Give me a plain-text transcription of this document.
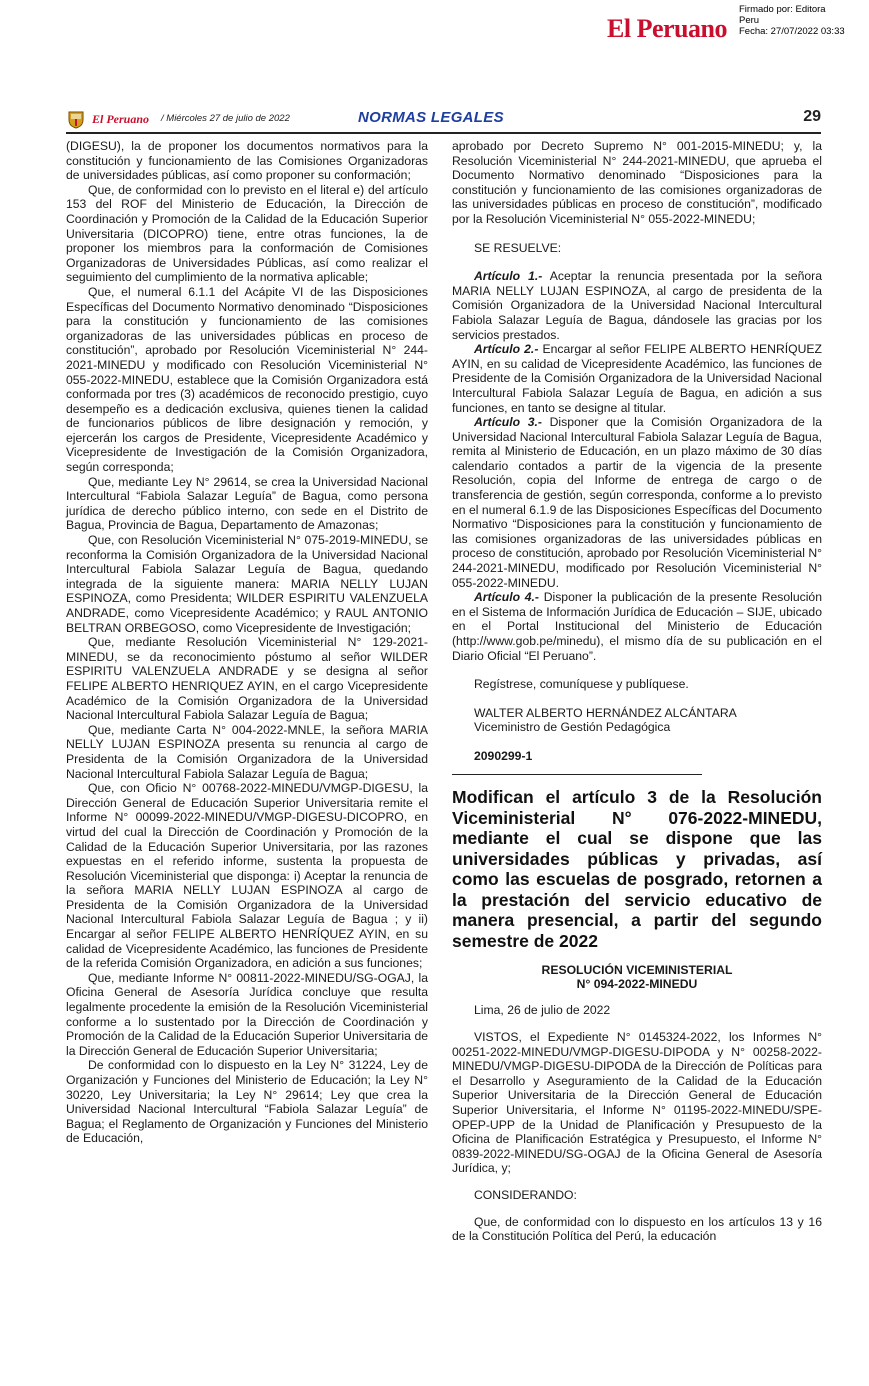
Firmado por: Editora
Peru
Fecha: 27/07/2022 03:33
El Peruano
El Peruano / Miércoles 27 de julio de 2022	NORMAS LEGALES	29

(DIGESU), la de proponer los documentos normativos para la constitución y funcionamiento de las Comisiones Organizadoras de universidades públicas, así como proponer su conformación;

Que, de conformidad con lo previsto en el literal e) del artículo 153 del ROF del Ministerio de Educación, la Dirección de Coordinación y Promoción de la Calidad de la Educación Superior Universitaria (DICOPRO) tiene, entre otras funciones, la de proponer los miembros para la conformación de Comisiones Organizadoras de Universidades Públicas, así como realizar el seguimiento del cumplimiento de la normativa aplicable;

Que, el numeral 6.1.1 del Acápite VI de las Disposiciones Específicas del Documento Normativo denominado “Disposiciones para la constitución y funcionamiento de las comisiones organizadoras de las universidades públicas en proceso de constitución”, aprobado por Resolución Viceministerial N° 244-2021-MINEDU y modificado con Resolución Viceministerial N° 055-2022-MINEDU, establece que la Comisión Organizadora está conformada por tres (3) académicos de reconocido prestigio, cuyo desempeño es a dedicación exclusiva, quienes tienen la calidad de funcionarios públicos de libre designación y remoción, y ejercerán los cargos de Presidente, Vicepresidente Académico y Vicepresidente de Investigación de la Comisión Organizadora, según corresponda;

Que, mediante Ley N° 29614, se crea la Universidad Nacional Intercultural “Fabiola Salazar Leguía” de Bagua, como persona jurídica de derecho público interno, con sede en el Distrito de Bagua, Provincia de Bagua, Departamento de Amazonas;

Que, con Resolución Viceministerial N° 075-2019-MINEDU, se reconforma la Comisión Organizadora de la Universidad Nacional Intercultural Fabiola Salazar Leguía de Bagua, quedando integrada de la siguiente manera: MARIA NELLY LUJAN ESPINOZA, como Presidenta; WILDER ESPIRITU VALENZUELA ANDRADE, como Vicepresidente Académico; y RAUL ANTONIO BELTRAN ORBEGOSO, como Vicepresidente de Investigación;

Que, mediante Resolución Viceministerial N° 129-2021-MINEDU, se da reconocimiento póstumo al señor WILDER ESPIRITU VALENZUELA ANDRADE y se designa al señor FELIPE ALBERTO HENRIQUEZ AYIN, en el cargo Vicepresidente Académico de la Comisión Organizadora de la Universidad Nacional Intercultural Fabiola Salazar Leguía de Bagua;

Que, mediante Carta N° 004-2022-MNLE, la señora MARIA NELLY LUJAN ESPINOZA presenta su renuncia al cargo de Presidenta de la Comisión Organizadora de la Universidad Nacional Intercultural Fabiola Salazar Leguía de Bagua;

Que, con Oficio N° 00768-2022-MINEDU/VMGP-DIGESU, la Dirección General de Educación Superior Universitaria remite el Informe N° 00099-2022-MINEDU/VMGP-DIGESU-DICOPRO, en virtud del cual la Dirección de Coordinación y Promoción de la Calidad de la Educación Superior Universitaria, por las razones expuestas en el referido informe, sustenta la propuesta de Resolución Viceministerial que disponga: i) Aceptar la renuncia de la señora MARIA NELLY LUJAN ESPINOZA al cargo de Presidenta de la Comisión Organizadora de la Universidad Nacional Intercultural Fabiola Salazar Leguía de Bagua ; y ii) Encargar al señor FELIPE ALBERTO HENRÍQUEZ AYIN, en su calidad de Vicepresidente Académico, las funciones de Presidente de la referida Comisión Organizadora, en adición a sus funciones;

Que, mediante Informe N° 00811-2022-MINEDU/SG-OGAJ, la Oficina General de Asesoría Jurídica concluye que resulta legalmente procedente la emisión de la Resolución Viceministerial conforme a lo sustentado por la Dirección de Coordinación y Promoción de la Calidad de la Educación Superior Universitaria de la Dirección General de Educación Superior Universitaria;

De conformidad con lo dispuesto en la Ley N° 31224, Ley de Organización y Funciones del Ministerio de Educación; la Ley N° 30220, Ley Universitaria; la Ley N° 29614; Ley que crea la Universidad Nacional Intercultural “Fabiola Salazar Leguía” de Bagua; el Reglamento de Organización y Funciones del Ministerio de Educación,

aprobado por Decreto Supremo N° 001-2015-MINEDU; y, la Resolución Viceministerial N° 244-2021-MINEDU, que aprueba el Documento Normativo denominado “Disposiciones para la constitución y funcionamiento de las comisiones organizadoras de las universidades públicas en proceso de constitución”, modificado por la Resolución Viceministerial N° 055-2022-MINEDU;

SE RESUELVE:

Artículo 1.- Aceptar la renuncia presentada por la señora MARIA NELLY LUJAN ESPINOZA, al cargo de presidenta de la Comisión Organizadora de la Universidad Nacional Intercultural Fabiola Salazar Leguía de Bagua, dándosele las gracias por los servicios prestados.

Artículo 2.- Encargar al señor FELIPE ALBERTO HENRÍQUEZ AYIN, en su calidad de Vicepresidente Académico, las funciones de Presidente de la Comisión Organizadora de la Universidad Nacional Intercultural Fabiola Salazar Leguía de Bagua, en adición a sus funciones, en tanto se designe al titular.

Artículo 3.- Disponer que la Comisión Organizadora de la Universidad Nacional Intercultural Fabiola Salazar Leguía de Bagua, remita al Ministerio de Educación, en un plazo máximo de 30 días calendario contados a partir de la vigencia de la presente Resolución, copia del Informe de entrega de cargo o de transferencia de gestión, según corresponda, conforme a lo previsto en el numeral 6.1.9 de las Disposiciones Específicas del Documento Normativo “Disposiciones para la constitución y funcionamiento de las comisiones organizadoras de las universidades públicas en proceso de constitución, aprobado por Resolución Viceministerial N° 244-2021-MINEDU, modificado por Resolución Viceministerial N° 055-2022-MINEDU.

Artículo 4.- Disponer la publicación de la presente Resolución en el Sistema de Información Jurídica de Educación – SIJE, ubicado en el Portal Institucional del Ministerio de Educación (http://www.gob.pe/minedu), el mismo día de su publicación en el Diario Oficial “El Peruano”.

Regístrese, comuníquese y publíquese.

WALTER ALBERTO HERNÁNDEZ ALCÁNTARA

Viceministro de Gestión Pedagógica

2090299-1

Modifican el artículo 3 de la Resolución Viceministerial N° 076-2022-MINEDU, mediante el cual se dispone que las universidades públicas y privadas, así como las escuelas de posgrado, retornen a la prestación del servicio educativo de manera presencial, a partir del segundo semestre de 2022
RESOLUCIÓN VICEMINISTERIAL
N° 094-2022-MINEDU

Lima, 26 de julio de 2022

VISTOS, el Expediente N° 0145324-2022, los Informes N° 00251-2022-MINEDU/VMGP-DIGESU-DIPODA y N° 00258-2022-MINEDU/VMGP-DIGESU-DIPODA de la Dirección de Políticas para el Desarrollo y Aseguramiento de la Calidad de la Educación Superior Universitaria de la Dirección General de Educación Superior Universitaria, el Informe N° 01195-2022-MINEDU/SPE-OPEP-UPP de la Unidad de Planificación y Presupuesto de la Oficina de Planificación Estratégica y Presupuesto, el Informe N° 0839-2022-MINEDU/SG-OGAJ de la Oficina General de Asesoría Jurídica, y;

CONSIDERANDO:

Que, de conformidad con lo dispuesto en los artículos 13 y 16 de la Constitución Política del Perú, la educación
